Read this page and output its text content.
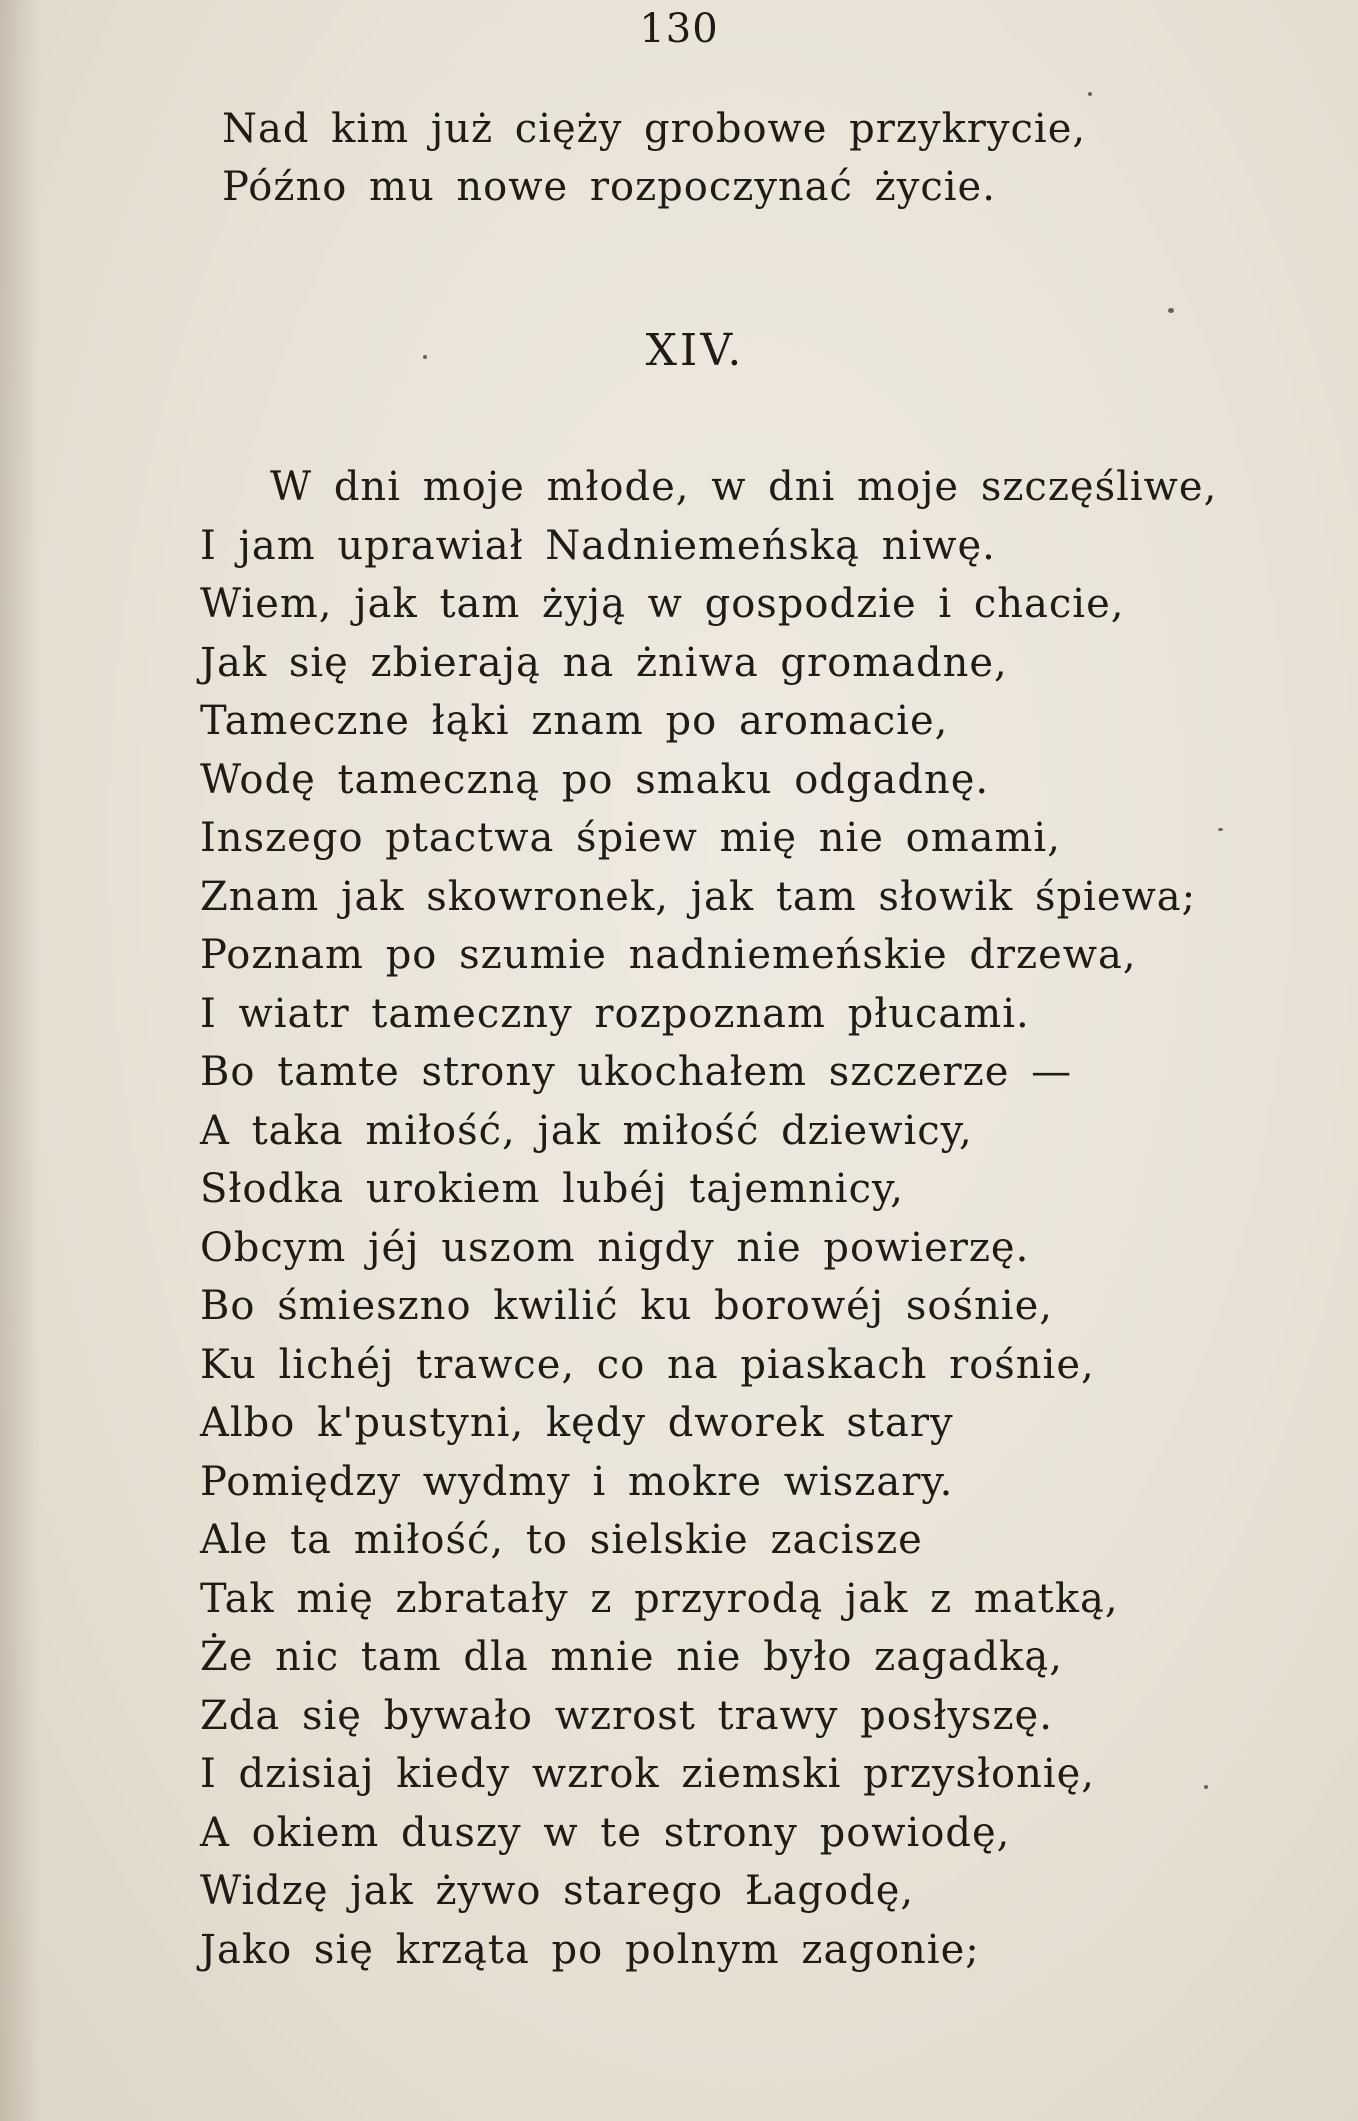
130
Nad kim już cięży grobowe przykrycie,
Późno mu nowe rozpoczynać życie.
XIV.
W dni moje młode, w dni moje szczęśliwe,
I jam uprawiał Nadniemeńską niwę.
Wiem, jak tam żyją w gospodzie i chacie,
Jak się zbierają na żniwa gromadne,
Tameczne łąki znam po aromacie,
Wodę tameczną po smaku odgadnę.
Inszego ptactwa śpiew mię nie omami,
Znam jak skowronek, jak tam słowik śpiewa;
Poznam po szumie nadniemeńskie drzewa,
I wiatr tameczny rozpoznam płucami.
Bo tamte strony ukochałem szczerze —
A taka miłość, jak miłość dziewicy,
Słodka urokiem lubéj tajemnicy,
Obcym jéj uszom nigdy nie powierzę.
Bo śmieszno kwilić ku borowéj sośnie,
Ku lichéj trawce, co na piaskach rośnie,
Albo k'pustyni, kędy dworek stary
Pomiędzy wydmy i mokre wiszary.
Ale ta miłość, to sielskie zacisze
Tak mię zbratały z przyrodą jak z matką,
Że nic tam dla mnie nie było zagadką,
Zda się bywało wzrost trawy posłyszę.
I dzisiaj kiedy wzrok ziemski przysłonię,
A okiem duszy w te strony powiodę,
Widzę jak żywo starego Łagodę,
Jako się krząta po polnym zagonie;
